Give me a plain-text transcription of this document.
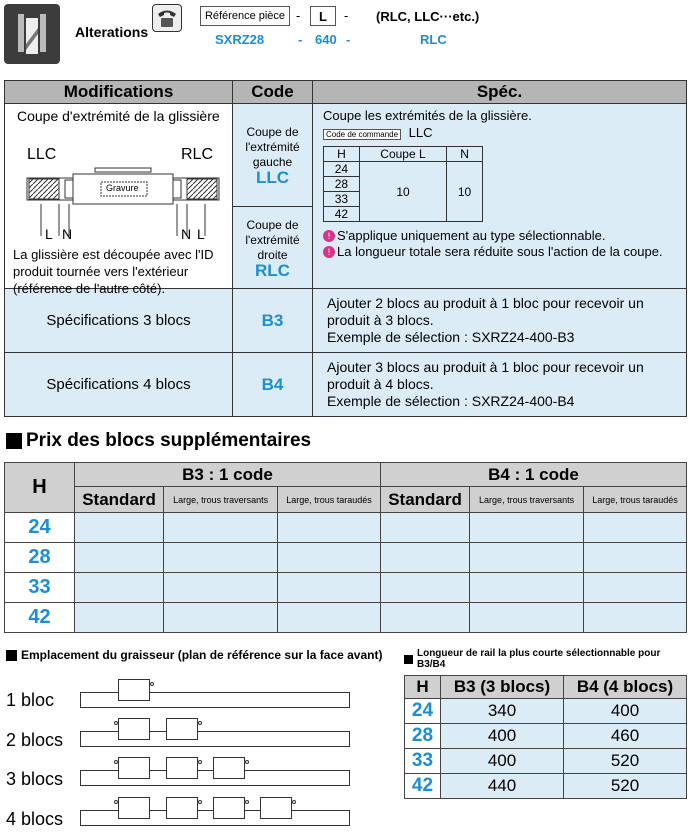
Alterations
Référence pièce -	L	- (RLC, LLC···etc.)
SXRZ28	- 640 -	RLC
Modifications	Code	Spéc.

Coupe d'extrémité de la glissière
LLC	RLC
Gravure
L N	N L
La glissière est découpée avec l'ID produit tournée vers l'extérieur (référence de l'autre côté).

Coupe de l'extrémité gauche
LLC

Coupe les extrémités de la glissière.
Code de commande LLC
H	Coupe L	N
24	10	10
28
33
42
! S'applique uniquement au type sélectionnable.
! La longueur totale sera réduite sous l'action de la coupe.

Coupe de l'extrémité droite
RLC

Spécifications 3 blocs	B3	
Ajouter 2 blocs au produit à 1 bloc pour recevoir un produit à 3 blocs.
Exemple de sélection : SXRZ24-400-B3

Spécifications 4 blocs	B4	
Ajouter 3 blocs au produit à 1 bloc pour recevoir un produit à 4 blocs.
Exemple de sélection : SXRZ24-400-B4
Prix des blocs supplémentaires
H	B3 : 1 code			B4 : 1 code		
	Standard	Large, trous traversants	Large, trous taraudés	Standard	Large, trous traversants	Large, trous taraudés
24						
28						
33						
42						
Emplacement du graisseur (plan de référence sur la face avant)
1 bloc
2 blocs
3 blocs
4 blocs
Longueur de rail la plus courte sélectionnable pour B3/B4
H	B3 (3 blocs)	B4 (4 blocs)
24	340	400
28	400	460
33	400	520
42	440	520
